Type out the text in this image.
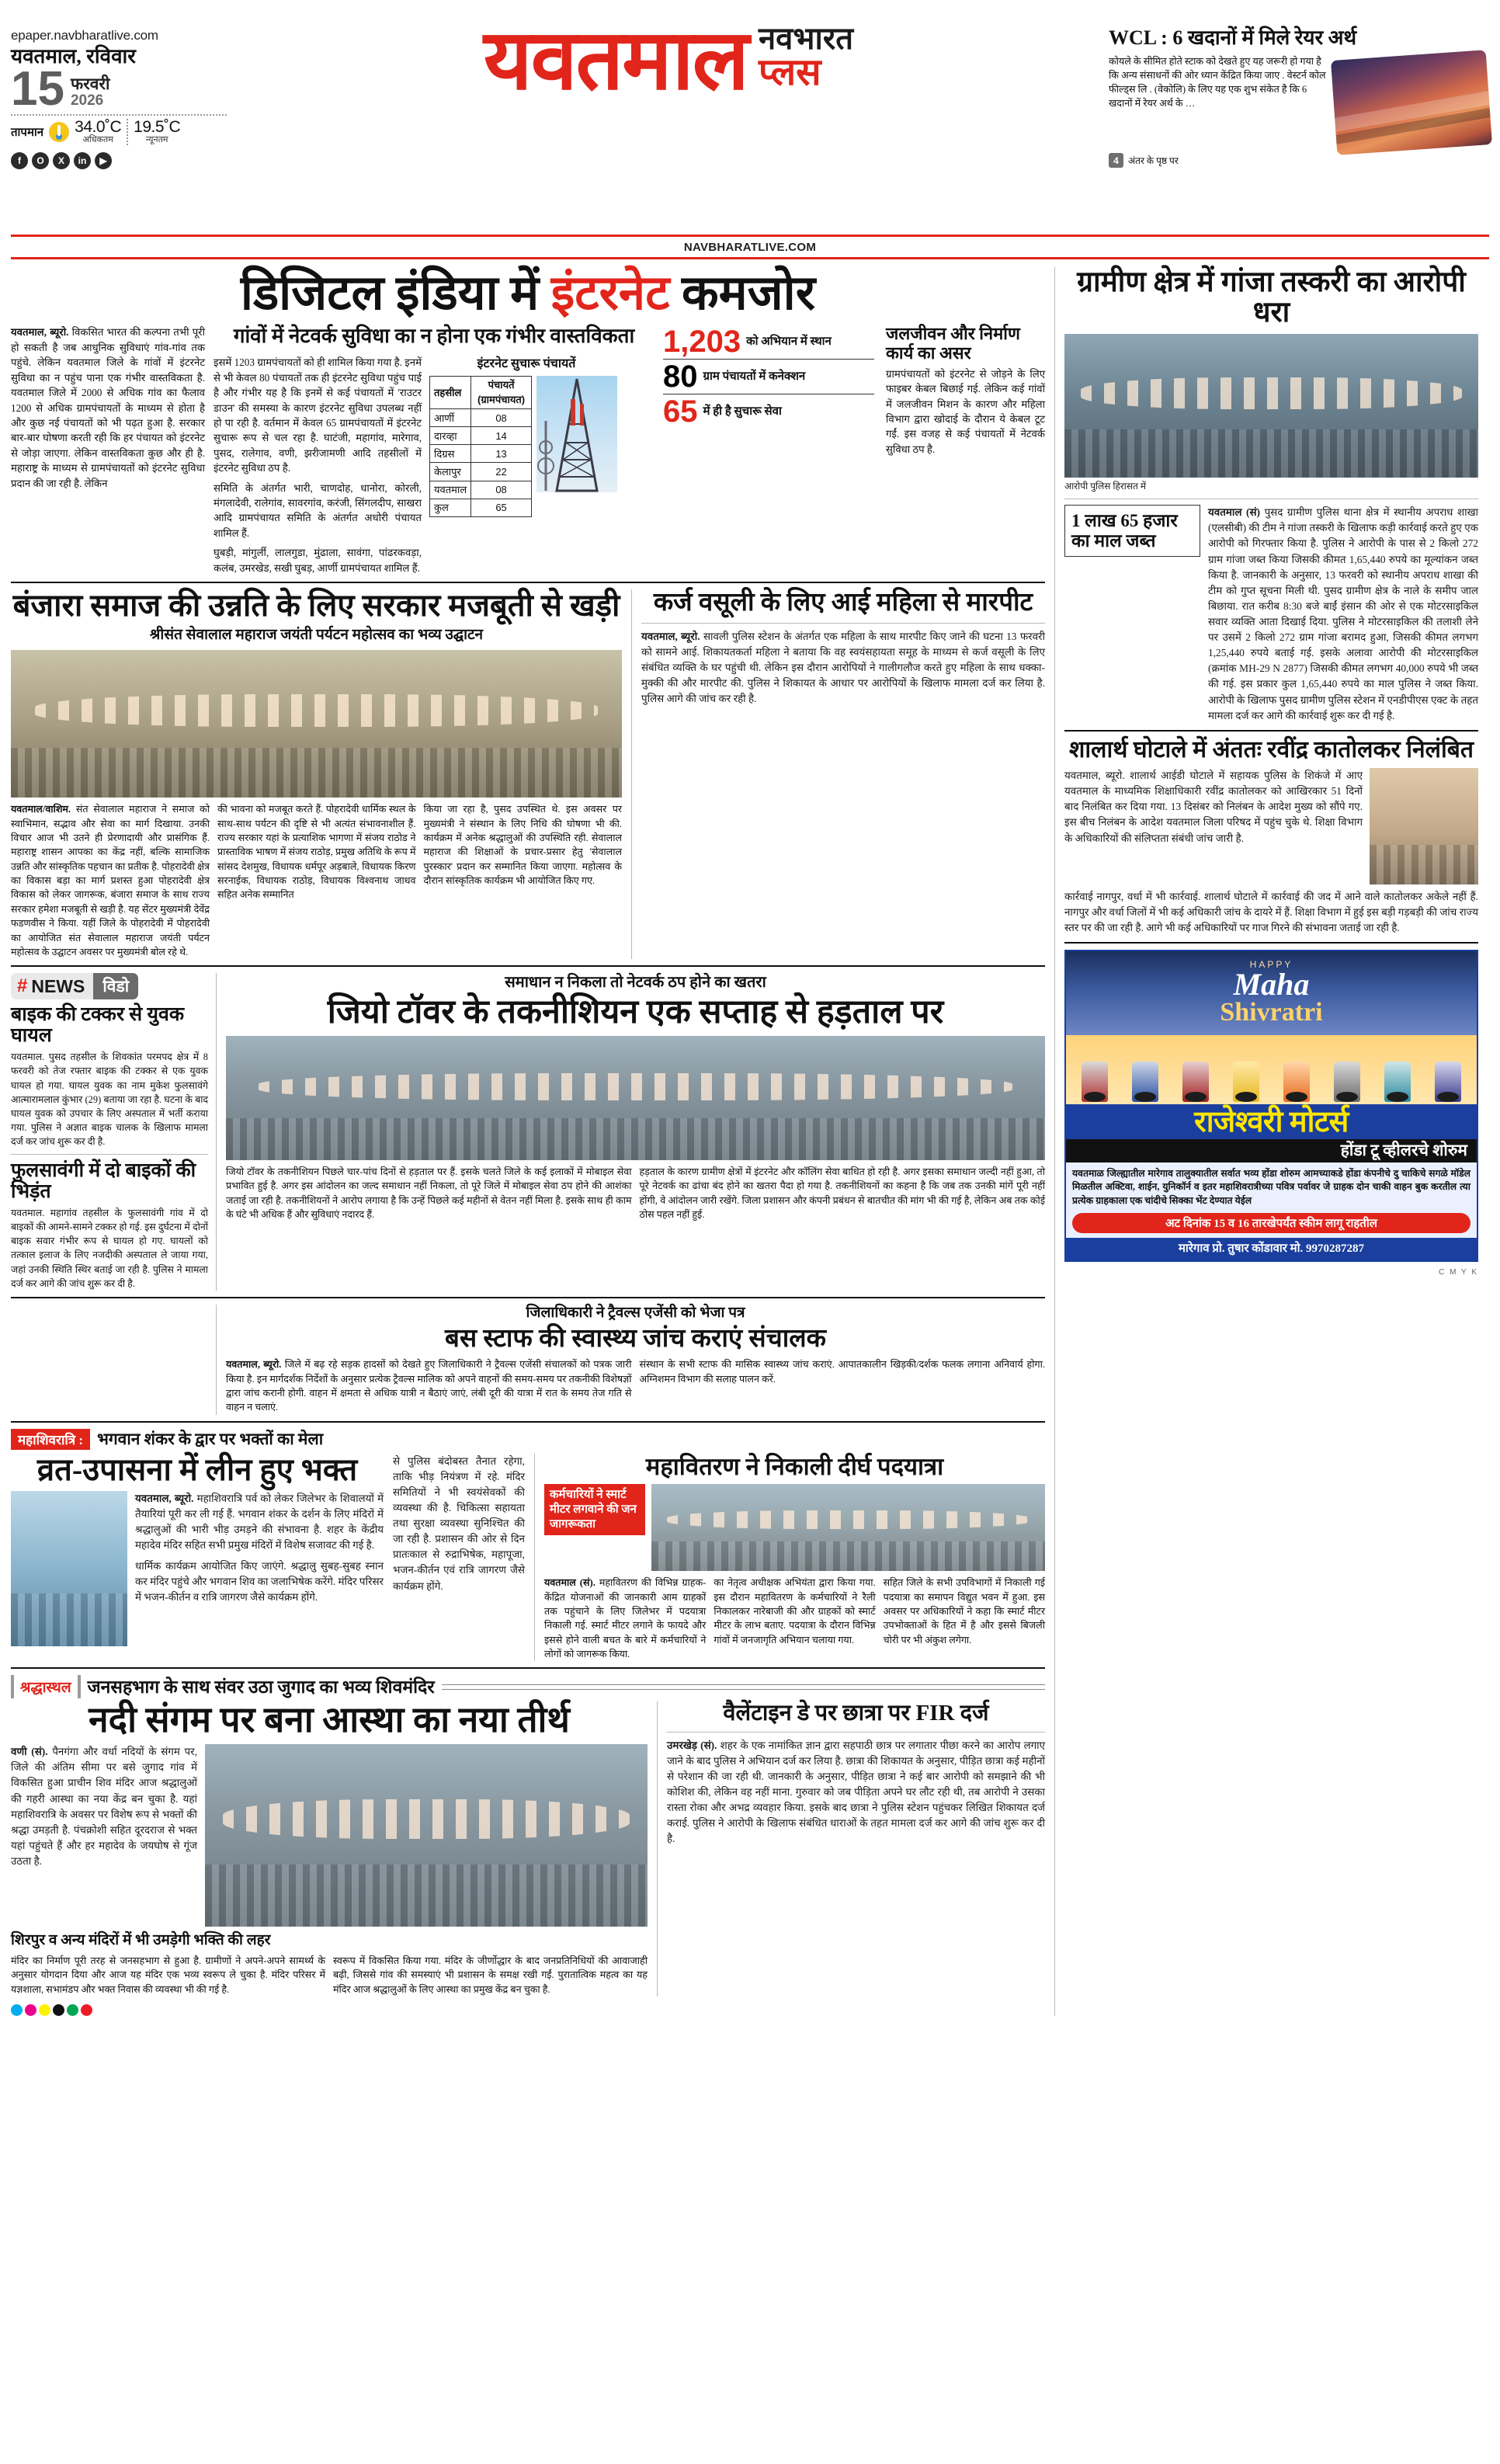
epaper.navbharatlive.com
यवतमाल, रविवार
15 फरवरी
2026
तापमान 34.0˚C
अधिकतम
19.5˚C
न्यूनतम
f	O	X	in	▶
यवतमाल नवभारत
प्लस
WCL : 6 खदानों में मिले रेयर अर्थ
कोयले के सीमित होते स्टाक को देखते हुए यह जरूरी हो गया है कि अन्य संसाधनों की ओर ध्यान केंद्रित किया जाए . वेस्टर्न कोल फील्ड्स लि . (वेकोलि) के लिए यह एक शुभ संकेत है कि 6 खदानों में रेयर अर्थ के …
4	अंतर के पृष्ठ पर
NAVBHARATLIVE.COM
डिजिटल इंडिया में इंटरनेट कमजोर
यवतमाल, ब्यूरो. विकसित भारत की कल्पना तभी पूरी हो सकती है जब आधुनिक सुविधाएं गांव-गांव तक पहुंचे. लेकिन यवतमाल जिले के गांवों में इंटरनेट सुविधा का न पहुंच पाना एक गंभीर वास्तविकता है. यवतमाल जिले में 2000 से अधिक गांव का फैलाव 1200 से अधिक ग्रामपंचायतों के माध्यम से होता है और कुछ नई पंचायतों को भी पढ़त हुआ है. सरकार बार-बार घोषणा करती रही कि हर पंचायत को इंटरनेट से जोड़ा जाएगा. लेकिन वास्तविकता कुछ और ही है. महाराष्ट्र के माध्यम से ग्रामपंचायतों को इंटरनेट सुविधा प्रदान की जा रही है. लेकिन
गांवों में नेटवर्क सुविधा का न होना एक गंभीर वास्तविकता
इसमें 1203 ग्रामपंचायतों को ही शामिल किया गया है. इनमें से भी केवल 80 पंचायतों तक ही इंटरनेट सुविधा पहुंच पाई है और गंभीर यह है कि इनमें से कई पंचायतों में 'राउटर डाउन' की समस्या के कारण इंटरनेट सुविधा उपलब्ध नहीं हो पा रही है. वर्तमान में केवल 65 ग्रामपंचायतों में इंटरनेट सुचारू रूप से चल रहा है. घाटंजी, महागांव, मारेगाव, पुसद, रालेगाव, वणी, झरीजामणी आदि तहसीलों में इंटरनेट सुविधा ठप है.
समिति के अंतर्गत भारी, चाणदोह, धानोरा, कोरली, मंगलादेवी, रालेगांव, सावरगांव, करंजी, सिंगलदीप, साखरा आदि ग्रामपंचायत समिति के अंतर्गत अधोरी पंचायत शामिल हैं.
घुबड़ी, मांगुर्ली, लालगुडा, मुंढाला, सावंगा, पांढरकवड़ा, कलंब, उमरखेड, सखी घुबड़, आर्णी ग्रामपंचायत शामिल हैं.
इंटरनेट सुचारू पंचायतें
तहसील	पंचायतें (ग्रामपंचायत)
आर्णी	08
दारव्हा	14
दिग्रस	13
केलापुर	22
यवतमाल	08
कुल	65
1,203 को अभियान में स्थान
80 ग्राम पंचायतों में कनेक्शन
65 में ही है सुचारू सेवा
जलजीवन और निर्माण कार्य का असर
ग्रामपंचायतों को इंटरनेट से जोड़ने के लिए फाइबर केबल बिछाई गई. लेकिन कई गांवों में जलजीवन मिशन के कारण और महिला विभाग द्वारा खोदाई के दौरान ये केबल टूट गईं. इस वजह से कई पंचायतों में नेटवर्क सुविधा ठप है.
बंजारा समाज की उन्नति के लिए सरकार मजबूती से खड़ी
श्रीसंत सेवालाल महाराज जयंती पर्यटन महोत्सव का भव्य उद्घाटन
यवतमाल/वाशिम. संत सेवालाल महाराज ने समाज को स्वाभिमान, सद्भाव और सेवा का मार्ग दिखाया. उनकी विचार आज भी उतने ही प्रेरणादायी और प्रासंगिक हैं. महाराष्ट्र शासन आपका का केंद्र नहीं, बल्कि सामाजिक उन्नति और सांस्कृतिक पहचान का प्रतीक है. पोहरादेवी क्षेत्र का विकास बड़ा का मार्ग प्रशस्त हुआ पोहरादेवी क्षेत्र विकास को लेकर जागरूक, बंजारा समाज के साथ राज्य सरकार हमेशा मजबूती से खड़ी है. यह सेंटर मुख्यमंत्री देवेंद्र फडणवीस ने किया. यहीं जिले के पोहरादेवी में पोहरादेवी का आयोजित संत सेवालाल महाराज जयंती पर्यटन महोत्सव के उद्घाटन अवसर पर मुख्यमंत्री बोल रहे थे.
की भावना को मजबूत करते हैं. पोहरादेवी धार्मिक स्थल के साथ-साथ पर्यटन की दृष्टि से भी अत्यंत संभावनाशील हैं. राज्य सरकार यहां के प्रत्याशिक भागणा में संजय राठोड ने प्रास्ताविक भाषण में संजय राठोड़, प्रमुख अतिथि के रूप में सांसद देशमुख, विधायक धर्मपूर अड़बाले, विधायक किरण सरनाईक, विधायक राठोड़, विधायक विश्वनाथ जाधव सहित अनेक सम्मानित
किया जा रहा है, पुसद उपस्थित थे. इस अवसर पर मुख्यमंत्री ने संस्थान के लिए निधि की घोषणा भी की. कार्यक्रम में अनेक श्रद्धालुओं की उपस्थिति रही. सेवालाल महाराज की शिक्षाओं के प्रचार-प्रसार हेतु 'सेवालाल पुरस्कार' प्रदान कर सम्मानित किया जाएगा. महोत्सव के दौरान सांस्कृतिक कार्यक्रम भी आयोजित किए गए.
कर्ज वसूली के लिए आई महिला से मारपीट
यवतमाल, ब्यूरो. सावली पुलिस स्टेशन के अंतर्गत एक महिला के साथ मारपीट किए जाने की घटना 13 फरवरी को सामने आई. शिकायतकर्ता महिला ने बताया कि वह स्वयंसहायता समूह के माध्यम से कर्ज वसूली के लिए संबंधित व्यक्ति के घर पहुंची थी. लेकिन इस दौरान आरोपियों ने गालीगलौज करते हुए महिला के साथ धक्का-मुक्की की और मारपीट की. पुलिस ने शिकायत के आधार पर आरोपियों के खिलाफ मामला दर्ज कर लिया है. पुलिस आगे की जांच कर रही है.
# NEWS	विडो
बाइक की टक्कर से युवक घायल
यवतमाल. पुसद तहसील के शिवकांत परमपद क्षेत्र में 8 फरवरी को तेज रफ्तार बाइक की टक्कर से एक युवक घायल हो गया. घायल युवक का नाम मुकेश फुलसावंगे आत्मारामलाल कुंभार (29) बताया जा रहा है. घटना के बाद घायल युवक को उपचार के लिए अस्पताल में भर्ती कराया गया. पुलिस ने अज्ञात बाइक चालक के खिलाफ मामला दर्ज कर जांच शुरू कर दी है.
फुलसावंगी में दो बाइकों की भिड़ंत
यवतमाल. महागांव तहसील के फुलसावंगी गांव में दो बाइकों की आमने-सामने टक्कर हो गई. इस दुर्घटना में दोनों बाइक सवार गंभीर रूप से घायल हो गए. घायलों को तत्काल इलाज के लिए नजदीकी अस्पताल ले जाया गया, जहां उनकी स्थिति स्थिर बताई जा रही है. पुलिस ने मामला दर्ज कर आगे की जांच शुरू कर दी है.
समाधान न निकला तो नेटवर्क ठप होने का खतरा
जियो टॉवर के तकनीशियन एक सप्ताह से हड़ताल पर
जियो टॉवर के तकनीशियन पिछले चार-पांच दिनों से हड़ताल पर हैं. इसके चलते जिले के कई इलाकों में मोबाइल सेवा प्रभावित हुई है. अगर इस आंदोलन का जल्द समाधान नहीं निकला, तो पूरे जिले में मोबाइल सेवा ठप होने की आशंका जताई जा रही है. तकनीशियनों ने आरोप लगाया है कि उन्हें पिछले कई महीनों से वेतन नहीं मिला है. इसके साथ ही काम के घंटे भी अधिक हैं और सुविधाएं नदारद हैं.
हड़ताल के कारण ग्रामीण क्षेत्रों में इंटरनेट और कॉलिंग सेवा बाधित हो रही है. अगर इसका समाधान जल्दी नहीं हुआ, तो पूरे नेटवर्क का ढांचा बंद होने का खतरा पैदा हो गया है. तकनीशियनों का कहना है कि जब तक उनकी मांगें पूरी नहीं होंगी, वे आंदोलन जारी रखेंगे. जिला प्रशासन और कंपनी प्रबंधन से बातचीत की मांग भी की गई है, लेकिन अब तक कोई ठोस पहल नहीं हुई.
जिलाधिकारी ने ट्रैवल्स एजेंसी को भेजा पत्र
बस स्टाफ की स्वास्थ्य जांच कराएं संचालक
यवतमाल, ब्यूरो. जिले में बढ़ रहे सड़क हादसों को देखते हुए जिलाधिकारी ने ट्रैवल्स एजेंसी संचालकों को पत्रक जारी किया है. इन मार्गदर्शक निर्देशों के अनुसार प्रत्येक ट्रैवल्स मालिक को अपने वाहनों की समय-समय पर तकनीकी विशेषज्ञों द्वारा जांच करानी होगी. वाहन में क्षमता से अधिक यात्री न बैठाएं जाएं, लंबी दूरी की यात्रा में रात के समय तेज गति से वाहन न चलाएं.
संस्थान के सभी स्टाफ की मासिक स्वास्थ्य जांच कराएं. आपातकालीन खिड़की/दर्शक फलक लगाना अनिवार्य होगा. अग्निशमन विभाग की सलाह पालन करें.
महाशिवरात्रि : भगवान शंकर के द्वार पर भक्तों का मेला
व्रत-उपासना में लीन हुए भक्त
यवतमाल, ब्यूरो. महाशिवरात्रि पर्व को लेकर जिलेभर के शिवालयों में तैयारियां पूरी कर ली गई हैं. भगवान शंकर के दर्शन के लिए मंदिरों में श्रद्धालुओं की भारी भीड़ उमड़ने की संभावना है. शहर के केंद्रीय महादेव मंदिर सहित सभी प्रमुख मंदिरों में विशेष सजावट की गई है.
धार्मिक कार्यक्रम आयोजित किए जाएंगे. श्रद्धालु सुबह-सुबह स्नान कर मंदिर पहुंचे और भगवान शिव का जलाभिषेक करेंगे. मंदिर परिसर में भजन-कीर्तन व रात्रि जागरण जैसे कार्यक्रम होंगे.
से पुलिस बंदोबस्त तैनात रहेगा, ताकि भीड़ नियंत्रण में रहे. मंदिर समितियों ने भी स्वयंसेवकों की व्यवस्था की है. चिकित्सा सहायता तथा सुरक्षा व्यवस्था सुनिश्चित की जा रही है. प्रशासन की ओर से दिन प्रातःकाल से रुद्राभिषेक, महापूजा, भजन-कीर्तन एवं रात्रि जागरण जैसे कार्यक्रम होंगे.
महावितरण ने निकाली दीर्घ पदयात्रा
कर्मचारियों ने स्मार्ट मीटर लगवाने की जन जागरूकता
यवतमाल (सं). महावितरण की विभिन्न ग्राहक-केंद्रित योजनाओं की जानकारी आम ग्राहकों तक पहुंचाने के लिए जिलेभर में पदयात्रा निकाली गई. स्मार्ट मीटर लगाने के फायदे और इससे होने वाली बचत के बारे में कर्मचारियों ने लोगों को जागरूक किया.
का नेतृत्व अधीक्षक अभियंता द्वारा किया गया. इस दौरान महावितरण के कर्मचारियों ने रैली निकालकर नारेबाजी की और ग्राहकों को स्मार्ट मीटर के लाभ बताए. पदयात्रा के दौरान विभिन्न गांवों में जनजागृति अभियान चलाया गया.
सहित जिले के सभी उपविभागों में निकाली गई पदयात्रा का समापन विद्युत भवन में हुआ. इस अवसर पर अधिकारियों ने कहा कि स्मार्ट मीटर उपभोक्ताओं के हित में है और इससे बिजली चोरी पर भी अंकुश लगेगा.
श्रद्धास्थल जनसहभाग के साथ संवर उठा जुगाद का भव्य शिवमंदिर
नदी संगम पर बना आस्था का नया तीर्थ
वणी (सं). पैनगंगा और वर्धा नदियों के संगम पर, जिले की अंतिम सीमा पर बसे जुगाद गांव में विकसित हुआ प्राचीन शिव मंदिर आज श्रद्धालुओं की गहरी आस्था का नया केंद्र बन चुका है. यहां महाशिवरात्रि के अवसर पर विशेष रूप से भक्तों की श्रद्धा उमड़ती है. पंचक्रोशी सहित दूरदराज से भक्त यहां पहुंचते हैं और हर महादेव के जयघोष से गूंज उठता है.
शिरपुर व अन्य मंदिरों में भी उमड़ेगी भक्ति की लहर
मंदिर का निर्माण पूरी तरह से जनसहभाग से हुआ है. ग्रामीणों ने अपने-अपने सामर्थ्य के अनुसार योगदान दिया और आज यह मंदिर एक भव्य स्वरूप ले चुका है. मंदिर परिसर में यज्ञशाला, सभामंडप और भक्त निवास की व्यवस्था भी की गई है.
स्वरूप में विकसित किया गया. मंदिर के जीर्णोद्धार के बाद जनप्रतिनिधियों की आवाजाही बढ़ी, जिससे गांव की समस्याएं भी प्रशासन के समक्ष रखी गईं. पुरातात्विक महत्व का यह मंदिर आज श्रद्धालुओं के लिए आस्था का प्रमुख केंद्र बन चुका है.
वैलेंटाइन डे पर छात्रा पर FIR दर्ज
उमरखेड़ (सं). शहर के एक नामांकित ज्ञान द्वारा सहपाठी छात्र पर लगातार पीछा करने का आरोप लगाए जाने के बाद पुलिस ने अभियान दर्ज कर लिया है. छात्रा की शिकायत के अनुसार, पीड़ित छात्रा कई महीनों से परेशान की जा रही थी. जानकारी के अनुसार, पीड़ित छात्रा ने कई बार आरोपी को समझाने की भी कोशिश की, लेकिन वह नहीं माना. गुरुवार को जब पीड़िता अपने घर लौट रही थी, तब आरोपी ने उसका रास्ता रोका और अभद्र व्यवहार किया. इसके बाद छात्रा ने पुलिस स्टेशन पहुंचकर लिखित शिकायत दर्ज कराई. पुलिस ने आरोपी के खिलाफ संबंधित धाराओं के तहत मामला दर्ज कर आगे की जांच शुरू कर दी है.
ग्रामीण क्षेत्र में गांजा तस्करी का आरोपी धरा
आरोपी पुलिस हिरासत में
1 लाख 65 हजार का माल जब्त
यवतमाल (सं) पुसद ग्रामीण पुलिस थाना क्षेत्र में स्थानीय अपराध शाखा (एलसीबी) की टीम ने गांजा तस्करी के खिलाफ कड़ी कार्रवाई करते हुए एक आरोपी को गिरफ्तार किया है. पुलिस ने आरोपी के पास से 2 किलो 272 ग्राम गांजा जब्त किया जिसकी कीमत 1,65,440 रुपये का मूल्यांकन जब्त किया है. जानकारी के अनुसार, 13 फरवरी को स्थानीय अपराध शाखा की टीम को गुप्त सूचना मिली थी. पुसद ग्रामीण क्षेत्र के नाले के समीप जाल बिछाया. रात करीब 8:30 बजे बाईं इंसान की ओर से एक मोटरसाइकिल सवार व्यक्ति आता दिखाई दिया. पुलिस ने मोटरसाइकिल की तलाशी लेने पर उसमें 2 किलो 272 ग्राम गांजा बरामद हुआ, जिसकी कीमत लगभग 1,25,440 रुपये बताई गई. इसके अलावा आरोपी की मोटरसाइकिल (क्रमांक MH-29 N 2877) जिसकी कीमत लगभग 40,000 रुपये भी जब्त की गई. इस प्रकार कुल 1,65,440 रुपये का माल पुलिस ने जब्त किया. आरोपी के खिलाफ पुसद ग्रामीण पुलिस स्टेशन में एनडीपीएस एक्ट के तहत मामला दर्ज कर आगे की कार्रवाई शुरू कर दी गई है.
शालार्थ घोटाले में अंततः रवींद्र कातोलकर निलंबित
यवतमाल, ब्यूरो. शालार्थ आईडी घोटाले में सहायक पुलिस के शिकंजे में आए यवतमाल के माध्यमिक शिक्षाधिकारी रवींद्र कातोलकर को आखिरकार 51 दिनों बाद निलंबित कर दिया गया. 13 दिसंबर को निलंबन के आदेश मुख्य को सौंपे गए. इस बीच निलंबन के आदेश यवतमाल जिला परिषद में पहुंच चुके थे. शिक्षा विभाग के अधिकारियों की संलिप्तता संबंधी जांच जारी है.
कार्रवाई नागपुर, वर्धा में भी कार्रवाई. शालार्थ घोटाले में कार्रवाई की जद में आने वाले कातोलकर अकेले नहीं हैं. नागपुर और वर्धा जिलों में भी कई अधिकारी जांच के दायरे में हैं. शिक्षा विभाग में हुई इस बड़ी गड़बड़ी की जांच राज्य स्तर पर की जा रही है. आगे भी कई अधिकारियों पर गाज गिरने की संभावना जताई जा रही है.
HAPPY
Maha
Shivratri
राजेश्वरी मोटर्स
होंडा टू व्हीलरचे शोरुम
यवतमाळ जिल्ह्यातील मारेगाव तालुक्यातील सर्वात भव्य होंडा शोरुम आमच्याकडे होंडा कंपनीचे दु चाकिचे सगळे मॉडेल मिळतील अक्टिवा, शाईन, युनिकॉर्न व इतर महाशिवरात्रीच्या पवित्र पर्वावर जे ग्राहक दोन चाकी वाहन बुक करतील त्या प्रत्येक ग्राहकाला एक चांदीचे सिक्का भेंट देण्यात येईल
अट दिनांक 15 व 16 तारखेपर्यंत स्कीम लागू राहतील
मारेगाव प्रो. तुषार कोंडावार मो. 9970287287
C M Y K
